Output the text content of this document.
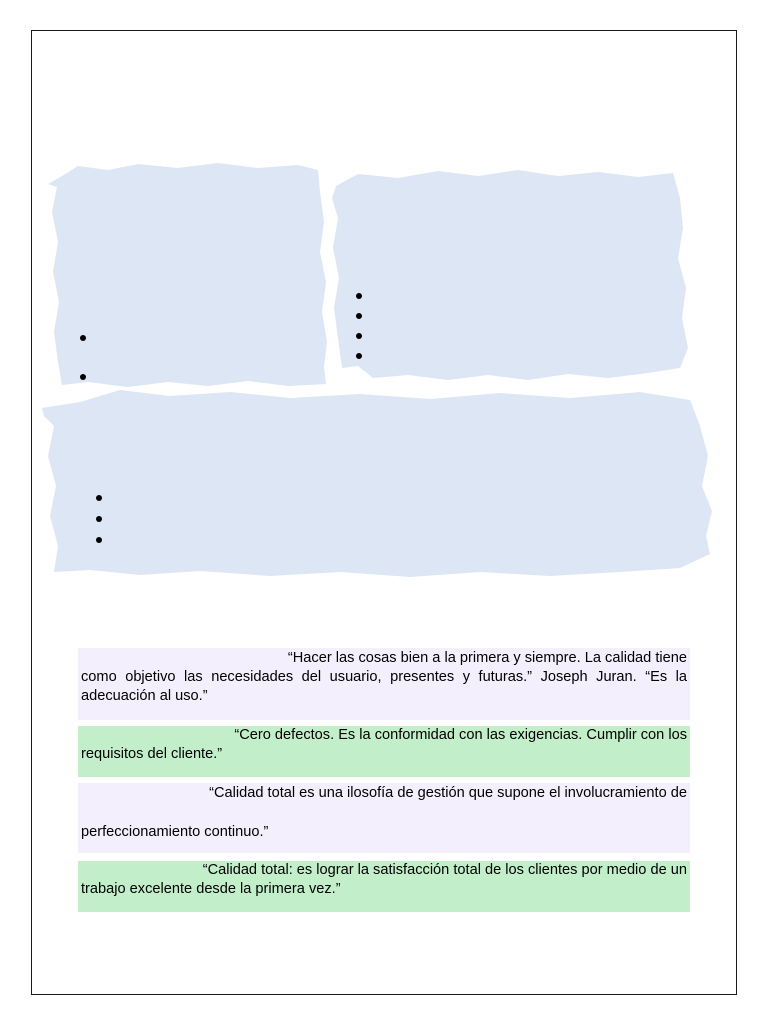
“Hacer las cosas bien a la primera y siempre. La calidad tiene

como objetivo las necesidades del usuario, presentes y futuras.” Joseph Juran. “Es la adecuación al uso.”

“Cero defectos. Es la conformidad con las exigencias. Cumplir con los

requisitos del cliente.”

“Calidad total es una ilosofía de gestión que supone el involucramiento de

perfeccionamiento continuo.”

“Calidad total: es lograr la satisfacción total de los clientes por medio de un

trabajo excelente desde la primera vez.”
